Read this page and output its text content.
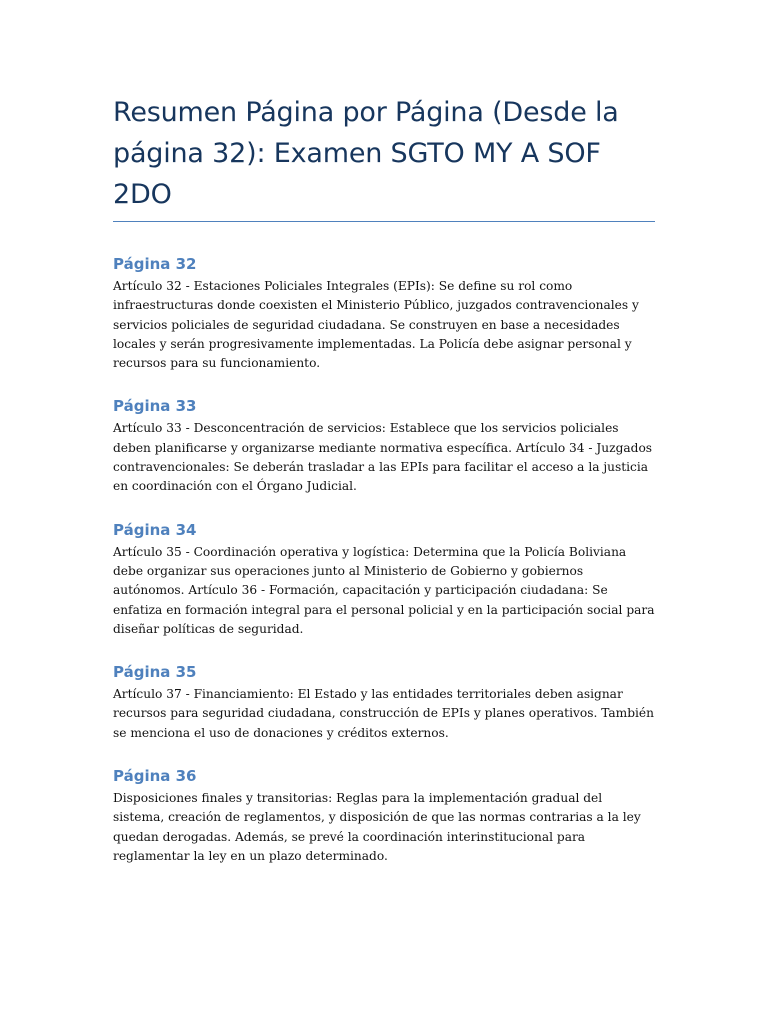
Resumen Página por Página (Desde la página 32): Examen SGTO MY A SOF 2DO
Página 32

Artículo 32 - Estaciones Policiales Integrales (EPIs): Se define su rol como infraestructuras donde coexisten el Ministerio Público, juzgados contravencionales y servicios policiales de seguridad ciudadana. Se construyen en base a necesidades locales y serán progresivamente implementadas. La Policía debe asignar personal y recursos para su funcionamiento.

Página 33

Artículo 33 - Desconcentración de servicios: Establece que los servicios policiales deben planificarse y organizarse mediante normativa específica. Artículo 34 - Juzgados contravencionales: Se deberán trasladar a las EPIs para facilitar el acceso a la justicia en coordinación con el Órgano Judicial.

Página 34

Artículo 35 - Coordinación operativa y logística: Determina que la Policía Boliviana debe organizar sus operaciones junto al Ministerio de Gobierno y gobiernos autónomos. Artículo 36 - Formación, capacitación y participación ciudadana: Se enfatiza en formación integral para el personal policial y en la participación social para diseñar políticas de seguridad.

Página 35

Artículo 37 - Financiamiento: El Estado y las entidades territoriales deben asignar recursos para seguridad ciudadana, construcción de EPIs y planes operativos. También se menciona el uso de donaciones y créditos externos.

Página 36

Disposiciones finales y transitorias: Reglas para la implementación gradual del sistema, creación de reglamentos, y disposición de que las normas contrarias a la ley quedan derogadas. Además, se prevé la coordinación interinstitucional para reglamentar la ley en un plazo determinado.
